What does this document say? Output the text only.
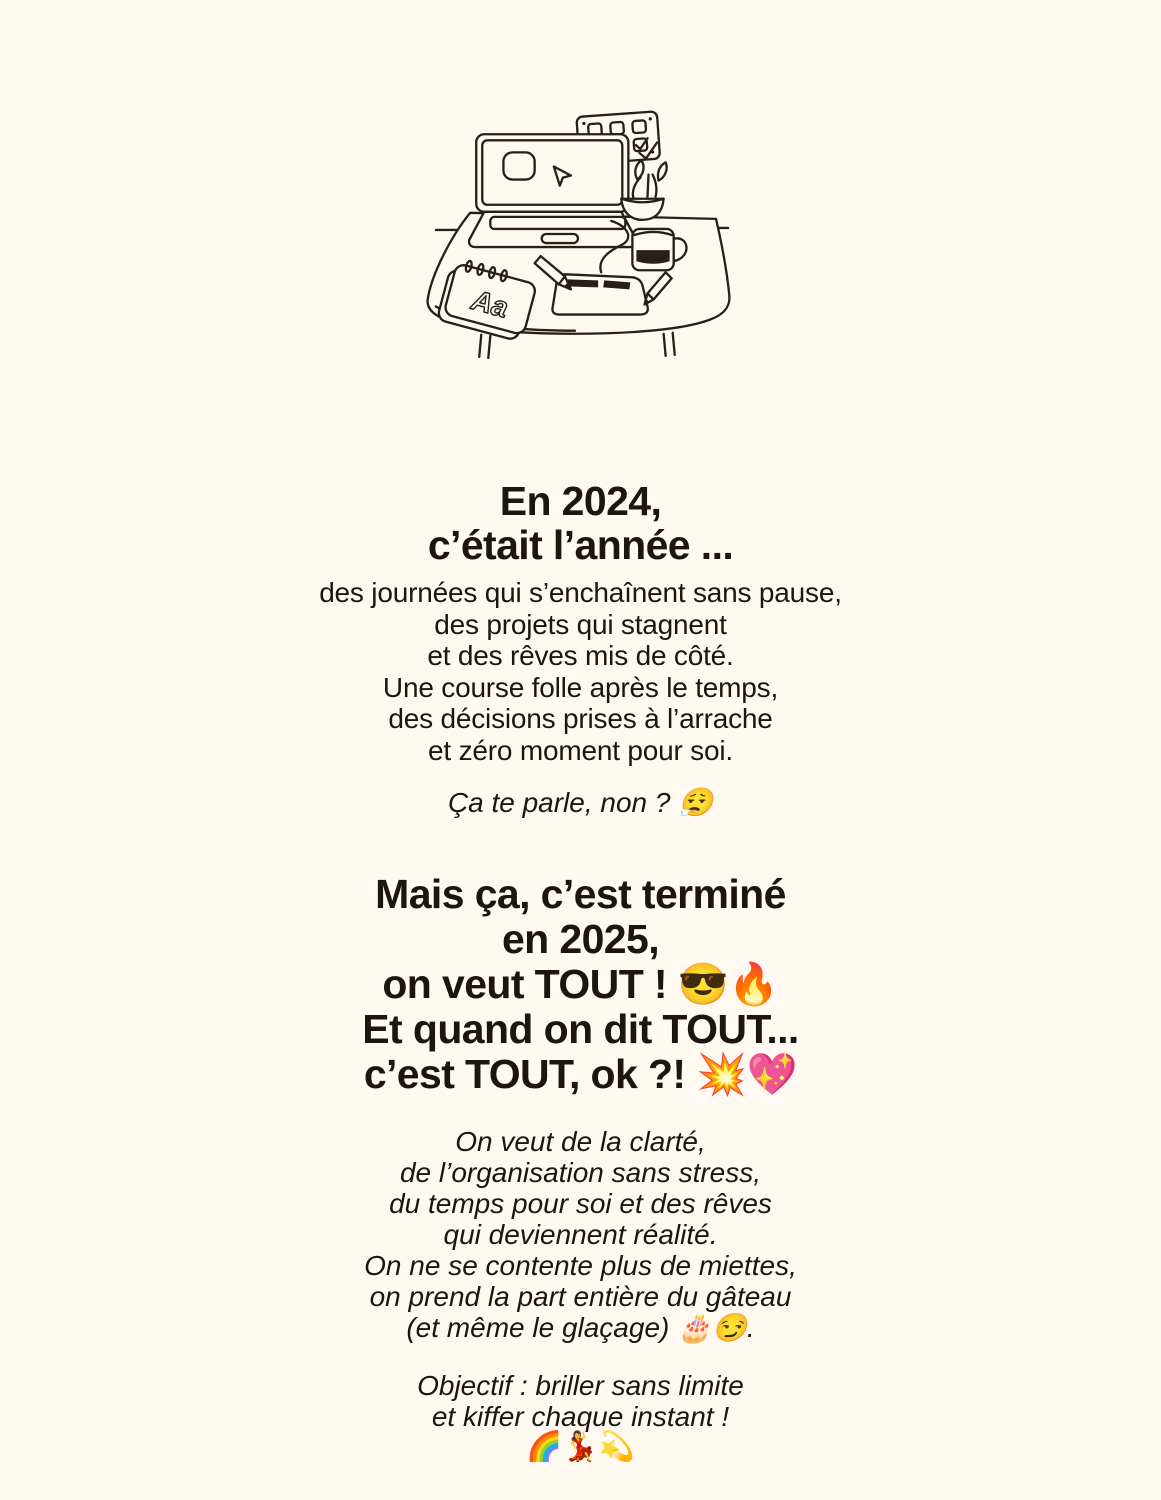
Aa
En 2024,
c’était l’année ...

des journées qui s’enchaînent sans pause,
des projets qui stagnent
et des rêves mis de côté.
Une course folle après le temps,
des décisions prises à l’arrache
et zéro moment pour soi.

Ça te parle, non ? 😮‍💨

Mais ça, c’est terminé
en 2025,
on veut TOUT ! 😎🔥
Et quand on dit TOUT...
c’est TOUT, ok ?! 💥💖

On veut de la clarté,
de l’organisation sans stress,
du temps pour soi et des rêves
qui deviennent réalité.
On ne se contente plus de miettes,
on prend la part entière du gâteau
(et même le glaçage) 🎂😏.

Objectif : briller sans limite
et kiffer chaque instant !
🌈💃💫
